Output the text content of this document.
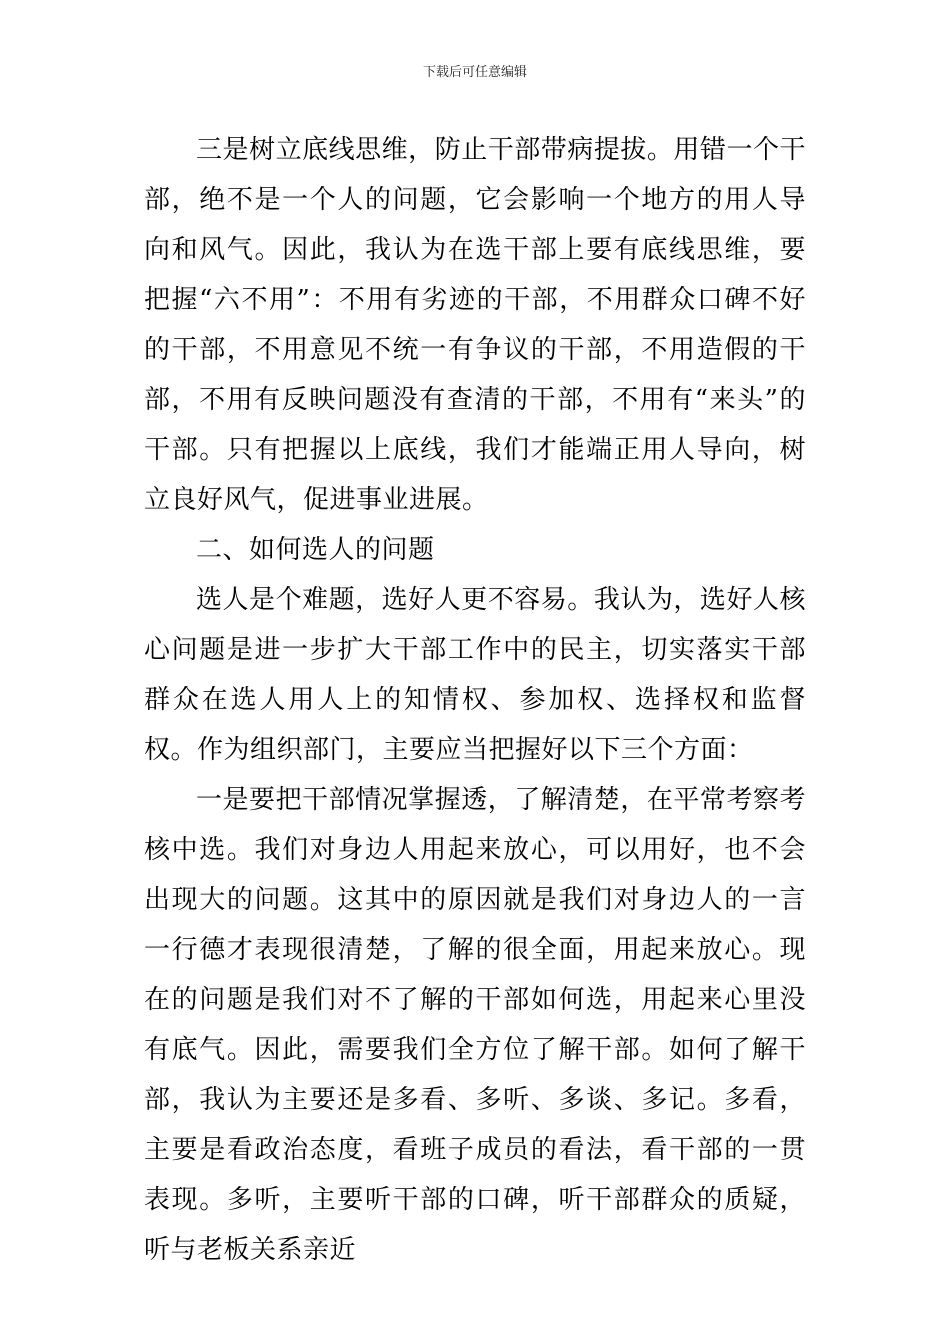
下载后可任意编辑

三是树立底线思维，防止干部带病提拔。用错一个干部，绝不是一个人的问题，它会影响一个地方的用人导向和风气。因此，我认为在选干部上要有底线思维，要把握“六不用”：不用有劣迹的干部，不用群众口碑不好的干部，不用意见不统一有争议的干部，不用造假的干部，不用有反映问题没有查清的干部，不用有“来头”的干部。只有把握以上底线，我们才能端正用人导向，树立良好风气，促进事业进展。

二、如何选人的问题

选人是个难题，选好人更不容易。我认为，选好人核心问题是进一步扩大干部工作中的民主，切实落实干部群众在选人用人上的知情权、参加权、选择权和监督权。作为组织部门，主要应当把握好以下三个方面：

一是要把干部情况掌握透，了解清楚，在平常考察考核中选。我们对身边人用起来放心，可以用好，也不会出现大的问题。这其中的原因就是我们对身边人的一言一行德才表现很清楚，了解的很全面，用起来放心。现在的问题是我们对不了解的干部如何选，用起来心里没有底气。因此，需要我们全方位了解干部。如何了解干部，我认为主要还是多看、多听、多谈、多记。多看，主要是看政治态度，看班子成员的看法，看干部的一贯表现。多听，主要听干部的口碑，听干部群众的质疑，听与老板关系亲近
